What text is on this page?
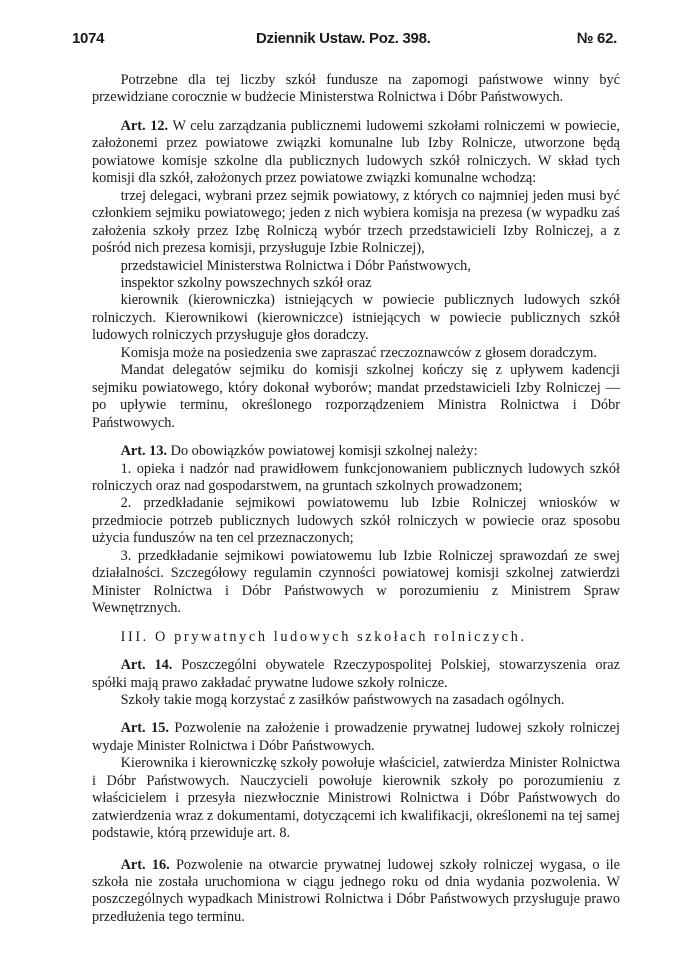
1074	Dziennik Ustaw. Poz. 398.	№ 62.

Potrzebne dla tej liczby szkół fundusze na zapomogi państwowe winny być przewidziane corocznie w budżecie Ministerstwa Rolnictwa i Dóbr Państwowych.

Art. 12. W celu zarządzania publicznemi ludowemi szkołami rolniczemi w powiecie, założonemi przez powiatowe związki komunalne lub Izby Rolnicze, utworzone będą powiatowe komisje szkolne dla publicznych ludowych szkół rolniczych. W skład tych komisji dla szkół, założonych przez powiatowe związki komunalne wchodzą:

trzej delegaci, wybrani przez sejmik powiatowy, z których co najmniej jeden musi być członkiem sejmiku powiatowego; jeden z nich wybiera komisja na prezesa (w wypadku zaś założenia szkoły przez Izbę Rolniczą wybór trzech przedstawicieli Izby Rolniczej, a z pośród nich prezesa komisji, przysługuje Izbie Rolniczej),

przedstawiciel Ministerstwa Rolnictwa i Dóbr Państwowych,

inspektor szkolny powszechnych szkół oraz

kierownik (kierowniczka) istniejących w powiecie publicznych ludowych szkół rolniczych. Kierownikowi (kierowniczce) istniejących w powiecie publicznych szkół ludowych rolniczych przysługuje głos doradczy.

Komisja może na posiedzenia swe zapraszać rzeczoznawców z głosem doradczym.

Mandat delegatów sejmiku do komisji szkolnej kończy się z upływem kadencji sejmiku powiatowego, który dokonał wyborów; mandat przedstawicieli Izby Rolniczej — po upływie terminu, określonego rozporządzeniem Ministra Rolnictwa i Dóbr Państwowych.

Art. 13. Do obowiązków powiatowej komisji szkolnej należy:

1. opieka i nadzór nad prawidłowem funkcjonowaniem publicznych ludowych szkół rolniczych oraz nad gospodarstwem, na gruntach szkolnych prowadzonem;

2. przedkładanie sejmikowi powiatowemu lub Izbie Rolniczej wniosków w przedmiocie potrzeb publicznych ludowych szkół rolniczych w powiecie oraz sposobu użycia funduszów na ten cel przeznaczonych;

3. przedkładanie sejmikowi powiatowemu lub Izbie Rolniczej sprawozdań ze swej działalności. Szczegółowy regulamin czynności powiatowej komisji szkolnej zatwierdzi Minister Rolnictwa i Dóbr Państwowych w porozumieniu z Ministrem Spraw Wewnętrznych.

III. O prywatnych ludowych szkołach rolniczych.

Art. 14. Poszczególni obywatele Rzeczypospolitej Polskiej, stowarzyszenia oraz spółki mają prawo zakładać prywatne ludowe szkoły rolnicze.

Szkoły takie mogą korzystać z zasiłków państwowych na zasadach ogólnych.

Art. 15. Pozwolenie na założenie i prowadzenie prywatnej ludowej szkoły rolniczej wydaje Minister Rolnictwa i Dóbr Państwowych.

Kierownika i kierowniczkę szkoły powołuje właściciel, zatwierdza Minister Rolnictwa i Dóbr Państwowych. Nauczycieli powołuje kierownik szkoły po porozumieniu z właścicielem i przesyła niezwłocznie Ministrowi Rolnictwa i Dóbr Państwowych do zatwierdzenia wraz z dokumentami, dotyczącemi ich kwalifikacji, określonemi na tej samej podstawie, którą przewiduje art. 8.

Art. 16. Pozwolenie na otwarcie prywatnej ludowej szkoły rolniczej wygasa, o ile szkoła nie została uruchomiona w ciągu jednego roku od dnia wydania pozwolenia. W poszczególnych wypadkach Ministrowi Rolnictwa i Dóbr Państwowych przysługuje prawo przedłużenia tego terminu.
